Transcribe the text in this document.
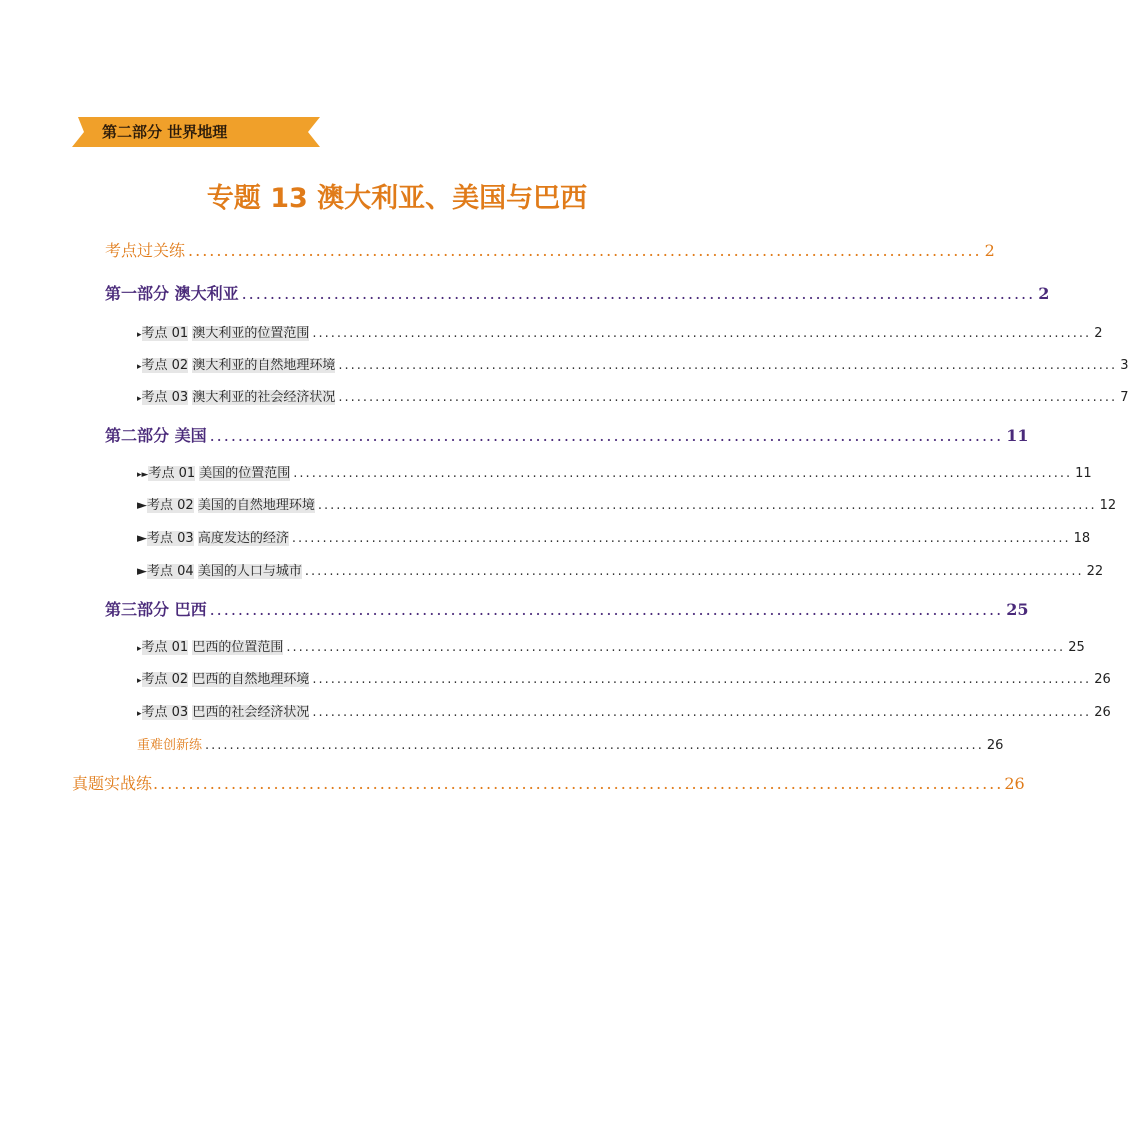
第二部分 世界地理
专题 13 澳大利亚、美国与巴西
考点过关练 ................................................................................................................ 2
第一部分 澳大利亚 ................................................................................................................ 2
▸考点 01 澳大利亚的位置范围 ............................................................................................................................... 2
▸考点 02 澳大利亚的自然地理环境 ............................................................................................................................... 3
▸考点 03 澳大利亚的社会经济状况 ............................................................................................................................... 7
第二部分 美国 ................................................................................................................ 11
▸►考点 01 美国的位置范围 ............................................................................................................................... 11
►考点 02 美国的自然地理环境 ............................................................................................................................... 12
►考点 03 高度发达的经济 ............................................................................................................................... 18
►考点 04 美国的人口与城市 ............................................................................................................................... 22
第三部分 巴西 ................................................................................................................ 25
▸考点 01 巴西的位置范围 ............................................................................................................................... 25
▸考点 02 巴西的自然地理环境 ............................................................................................................................... 26
▸考点 03 巴西的社会经济状况 ............................................................................................................................... 26
重难创新练 ............................................................................................................................... 26
真题实战练 ........................................................................................................................ 26
